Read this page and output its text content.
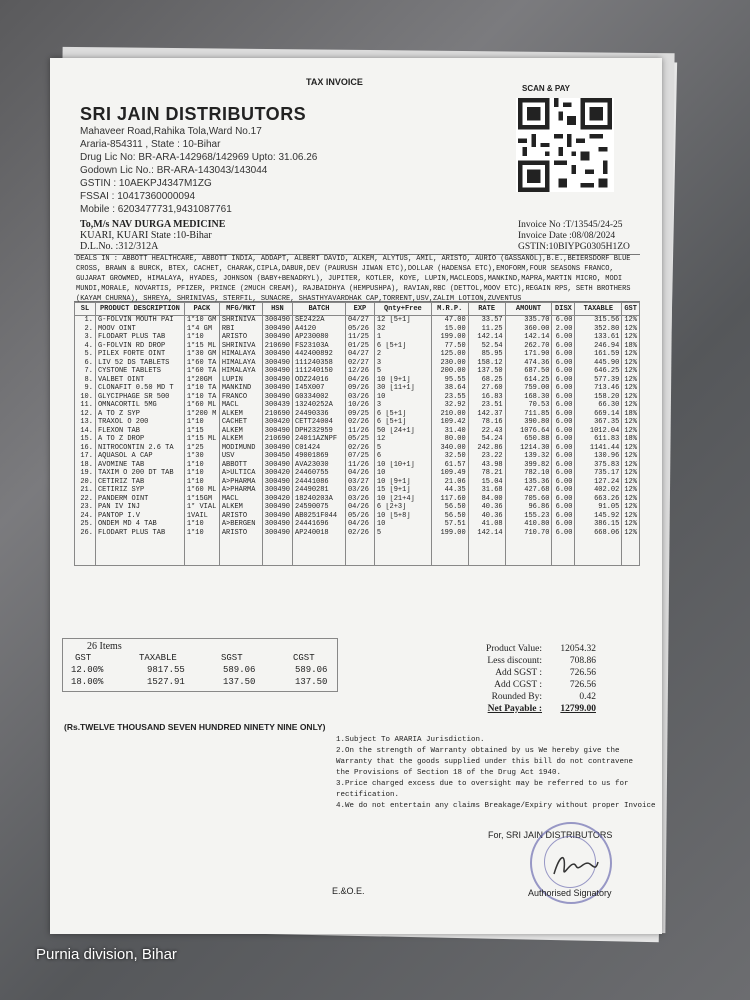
TAX INVOICE
SCAN & PAY
SRI JAIN DISTRIBUTORS
Mahaveer Road,Rahika Tola,Ward No.17
Araria-854311 , State : 10-Bihar
Drug Lic No: BR-ARA-142968/142969 Upto: 31.06.26
Godown Lic No.: BR-ARA-143043/143044
GSTIN : 10AEKPJ4347M1ZG
FSSAI : 10417360000094
Mobile : 6203477731,9431087761
To,M/s NAV DURGA MEDICINE
KUARI, KUARI State :10-Bihar
D.L.No. :312/312A
Invoice No :T/13545/24-25
Invoice Date :08/08/2024
GSTIN:10BIYPG0305H1ZO
DEALS IN : ABBOTT HEALTHCARE, ABBOTT INDIA, ADDAPT, ALBERT DAVID, ALKEM, ALYTUS, AMIL, ARISTO, AURIO (GASSANOL),B.E.,BEIERSDORF BLUE CROSS, BRAWN & BURCK, BTEX, CACHET, CHARAK,CIPLA,DABUR,DEV (PAURUSH JIWAN ETC),DOLLAR (HADENSA ETC),EMOFORM,FOUR SEASONS FRANCO, GUJARAT GROWMED, HIMALAYA, HYADES, JOHNSON (BABY+BENADRYL), JUPITER, KOTLER, KOYE, LUPIN,MACLEODS,MANKIND,MAPRA,MARTIN MICRO, MODI MUNDI,MORALE, NOVARTIS, PFIZER, PRINCE (2MUCH CREAM), RAJBAIDHYA (HEMPUSHPA), RAVIAN,RBC (DETTOL,MOOV ETC),REGAIN RPS, SETH BROTHERS (KAYAM CHURNA), SHREYA, SHRINIVAS, STERFIL, SUNACRE, SHASTHYAVARDHAK CAP,TORRENT,USV,ZALIM LOTION,ZUVENTUS
SL	PRODUCT DESCRIPTION	PACK	MFG/MKT	HSN	BATCH	EXP	Qnty+Free	M.R.P.	RATE	AMOUNT	DISX	TAXABLE	GST
1.	G-FOLVIN MOUTH PAI	1*10 GM	SHRINIVA	300490	SE2422A	04/27	12 [5+1]	47.00	33.57	335.70	6.00	315.56	12%
2.	MOOV OINT	1*4 GM	RBI	300490	A4120	05/26	32	15.00	11.25	360.00	2.00	352.80	12%
3.	FLODART PLUS TAB	1*10	ARISTO	300490	AP230080	11/25	1	199.00	142.14	142.14	6.00	133.61	12%
4.	G-FOLVIN RD DROP	1*15 ML	SHRINIVA	210690	FS23103A	01/25	6 [5+1]	77.50	52.54	262.70	6.00	246.94	18%
5.	PILEX FORTE OINT	1*30 GM	HIMALAYA	300490	442400892	04/27	2	125.00	85.95	171.90	6.00	161.59	12%
6.	LIV 52 DS TABLETS	1*60 TA	HIMALAYA	300490	111240358	02/27	3	230.00	158.12	474.36	6.00	445.90	12%
7.	CYSTONE TABLETS	1*60 TA	HIMALAYA	300490	111240150	12/26	5	200.00	137.50	687.50	6.00	646.25	12%
8.	VALBET OINT	1*20GM	LUPIN	300490	ODZ24016	04/26	10 [9+1]	95.55	68.25	614.25	6.00	577.39	12%
9.	CLONAFIT 0.50 MD T	1*10 TA	MANKIND	300490	I45X007	09/26	30 [11+1]	38.64	27.60	759.00	6.00	713.46	12%
10.	GLYCIPHAGE SR 500	1*10 TA	FRANCO	300490	G0334002	03/26	10	23.55	16.83	168.30	6.00	158.20	12%
11.	OMNACORTIL 5MG	1*60 ML	MACL	300439	13240252A	10/26	3	32.92	23.51	70.53	6.00	66.30	12%
12.	A TO Z SYP	1*200 M	ALKEM	210690	24490336	09/25	6 [5+1]	210.00	142.37	711.85	6.00	669.14	18%
13.	TRAXOL O 200	1*10	CACHET	300420	CETT24004	02/26	6 [5+1]	109.42	78.16	390.80	6.00	367.35	12%
14.	FLEXON TAB	1*15	ALKEM	300490	DPH232959	11/26	50 [24+1]	31.40	22.43	1076.64	6.00	1012.04	12%
15.	A TO Z DROP	1*15 ML	ALKEM	210690	24011AZNPF	05/25	12	80.00	54.24	650.88	6.00	611.83	18%
16.	NITROCONTIN 2.6 TA	1*25	MODIMUND	300490	C01424	02/26	5	340.00	242.86	1214.30	6.00	1141.44	12%
17.	AQUASOL A CAP	1*30	USV	300450	49001869	07/25	6	32.50	23.22	139.32	6.00	130.96	12%
18.	AVOMINE TAB	1*10	ABBOTT	300490	AVA23030	11/26	10 [10+1]	61.57	43.98	399.82	6.00	375.83	12%
19.	TAXIM O 200 DT TAB	1*10	A>ULTICA	300420	24460755	04/26	10	109.49	78.21	782.10	6.00	735.17	12%
20.	CETIRIZ TAB	1*10	A>PHARMA	300490	24441086	03/27	10 [9+1]	21.06	15.04	135.36	6.00	127.24	12%
21.	CETIRIZ SYP	1*60 ML	A>PHARMA	300490	24490281	03/26	15 [9+1]	44.35	31.68	427.68	6.00	402.02	12%
22.	PANDERM OINT	1*15GM	MACL	300420	18240203A	03/26	10 [21+4]	117.60	84.00	705.60	6.00	663.26	12%
23.	PAN IV INJ	1* VIAL	ALKEM	300490	24590075	04/26	6 [2+3]	56.50	40.36	96.86	6.00	91.05	12%
24.	PANTOP I.V	1VAIL	ARISTO	300490	AB0251F044	05/26	10 [5+8]	56.50	40.36	155.23	6.00	145.92	12%
25.	ONDEM MD 4 TAB	1*10	A>BERGEN	300490	24441696	04/26	10	57.51	41.08	410.80	6.00	386.15	12%
26.	FLODART PLUS TAB	1*10	ARISTO	300490	AP240018	02/26	5	199.00	142.14	710.70	6.00	668.06	12%

26 Items
GST	TAXABLE	SGST	CGST
12.00%	9817.55	589.06	589.06
18.00%	1527.91	137.50	137.50
Product Value:	12054.32
Less discount:	708.86
Add SGST :	726.56
Add CGST :	726.56
Rounded By:	0.42
Net Payable :	12799.00
(Rs.TWELVE THOUSAND SEVEN HUNDRED NINETY NINE ONLY)
1.Subject To ARARIA Jurisdiction.
2.On the strength of Warranty obtained by us We hereby give the
Warranty that the goods supplied under this bill do not contravene
the Provisions of Section 18 of the Drug Act 1940.
3.Price charged excess due to oversight may be referred to us for
rectification.
4.We do not entertain any claims Breakage/Expiry without proper Invoice
For, SRI JAIN DISTRIBUTORS
E.&O.E.	Authorised Signatory
Purnia division, Bihar
